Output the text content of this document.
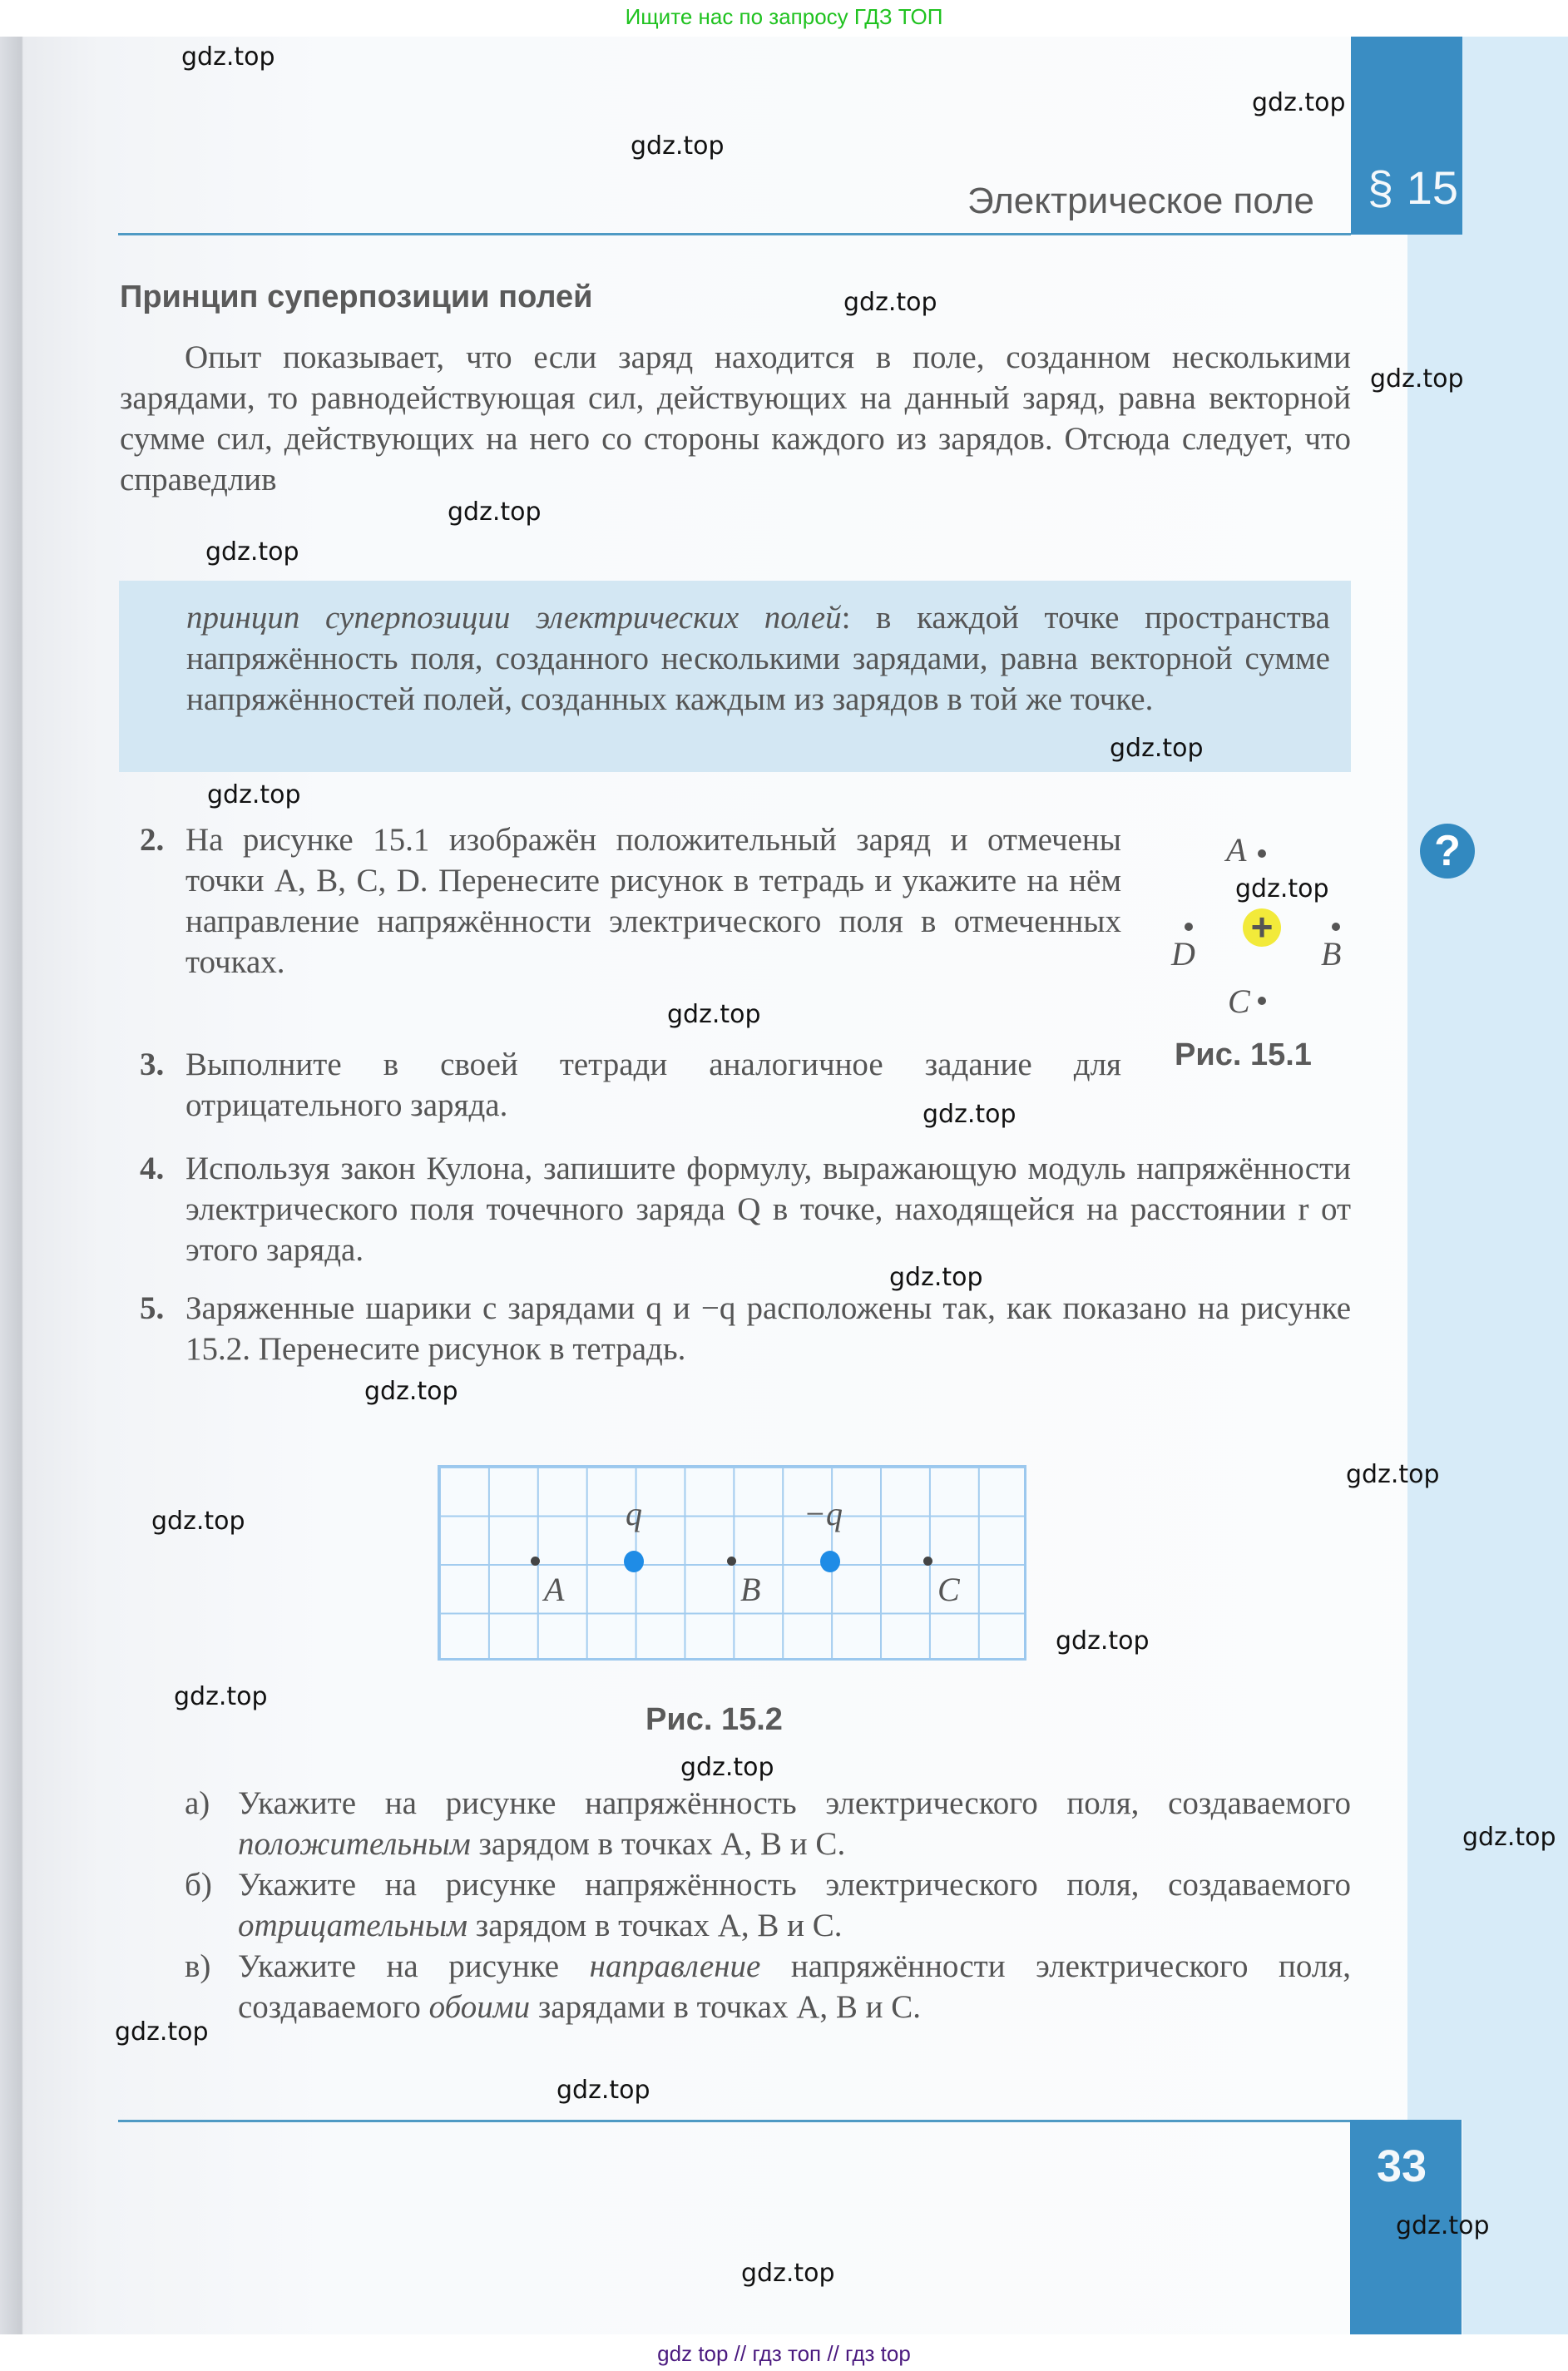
Ищите нас по запросу ГДЗ ТОП
§ 15
Электрическое поле
Принцип суперпозиции полей
Опыт показывает, что если заряд находится в поле, созданном несколькими зарядами, то равнодействующая сил, действующих на данный заряд, равна векторной сумме сил, действующих на него со стороны каждого из зарядов. Отсюда следует, что справедлив
принцип суперпозиции электрических полей: в каждой точке пространства напряжённость поля, созданного несколькими зарядами, равна векторной сумме напряжённостей полей, созданных каждым из зарядов в той же точке.
2. На рисунке 15.1 изображён положительный заряд и отмечены точки A, B, C, D. Перенесите рисунок в тетрадь и укажите на нём направление напряжённости электрического поля в отмеченных точках.
3. Выполните в своей тетради аналогичное задание для отрицательного заряда.
4. Используя закон Кулона, запишите формулу, выражающую модуль напряжённости электрического поля точечного заряда Q в точке, находящейся на расстоянии r от этого заряда.
5. Заряженные шарики с зарядами q и −q расположены так, как показано на рисунке 15.2. Перенесите рисунок в тетрадь.
A
D
+
B
C
Рис. 15.1
?
q	−q
A	B	C
Рис. 15.2
а) Укажите на рисунке напряжённость электрического поля, создаваемого положительным зарядом в точках A, B и C.
б) Укажите на рисунке напряжённость электрического поля, создаваемого отрицательным зарядом в точках A, B и C.
в) Укажите на рисунке направление напряжённости электрического поля, создаваемого обоими зарядами в точках A, B и C.
33
gdz.top
gdz.top
gdz.top
gdz.top
gdz.top
gdz.top
gdz.top
gdz.top
gdz.top
gdz.top
gdz.top
gdz.top
gdz.top
gdz.top
gdz.top
gdz.top
gdz.top
gdz.top
gdz.top
gdz.top
gdz.top
gdz.top
gdz.top
gdz.top
gdz top // гдз топ // гдз top
